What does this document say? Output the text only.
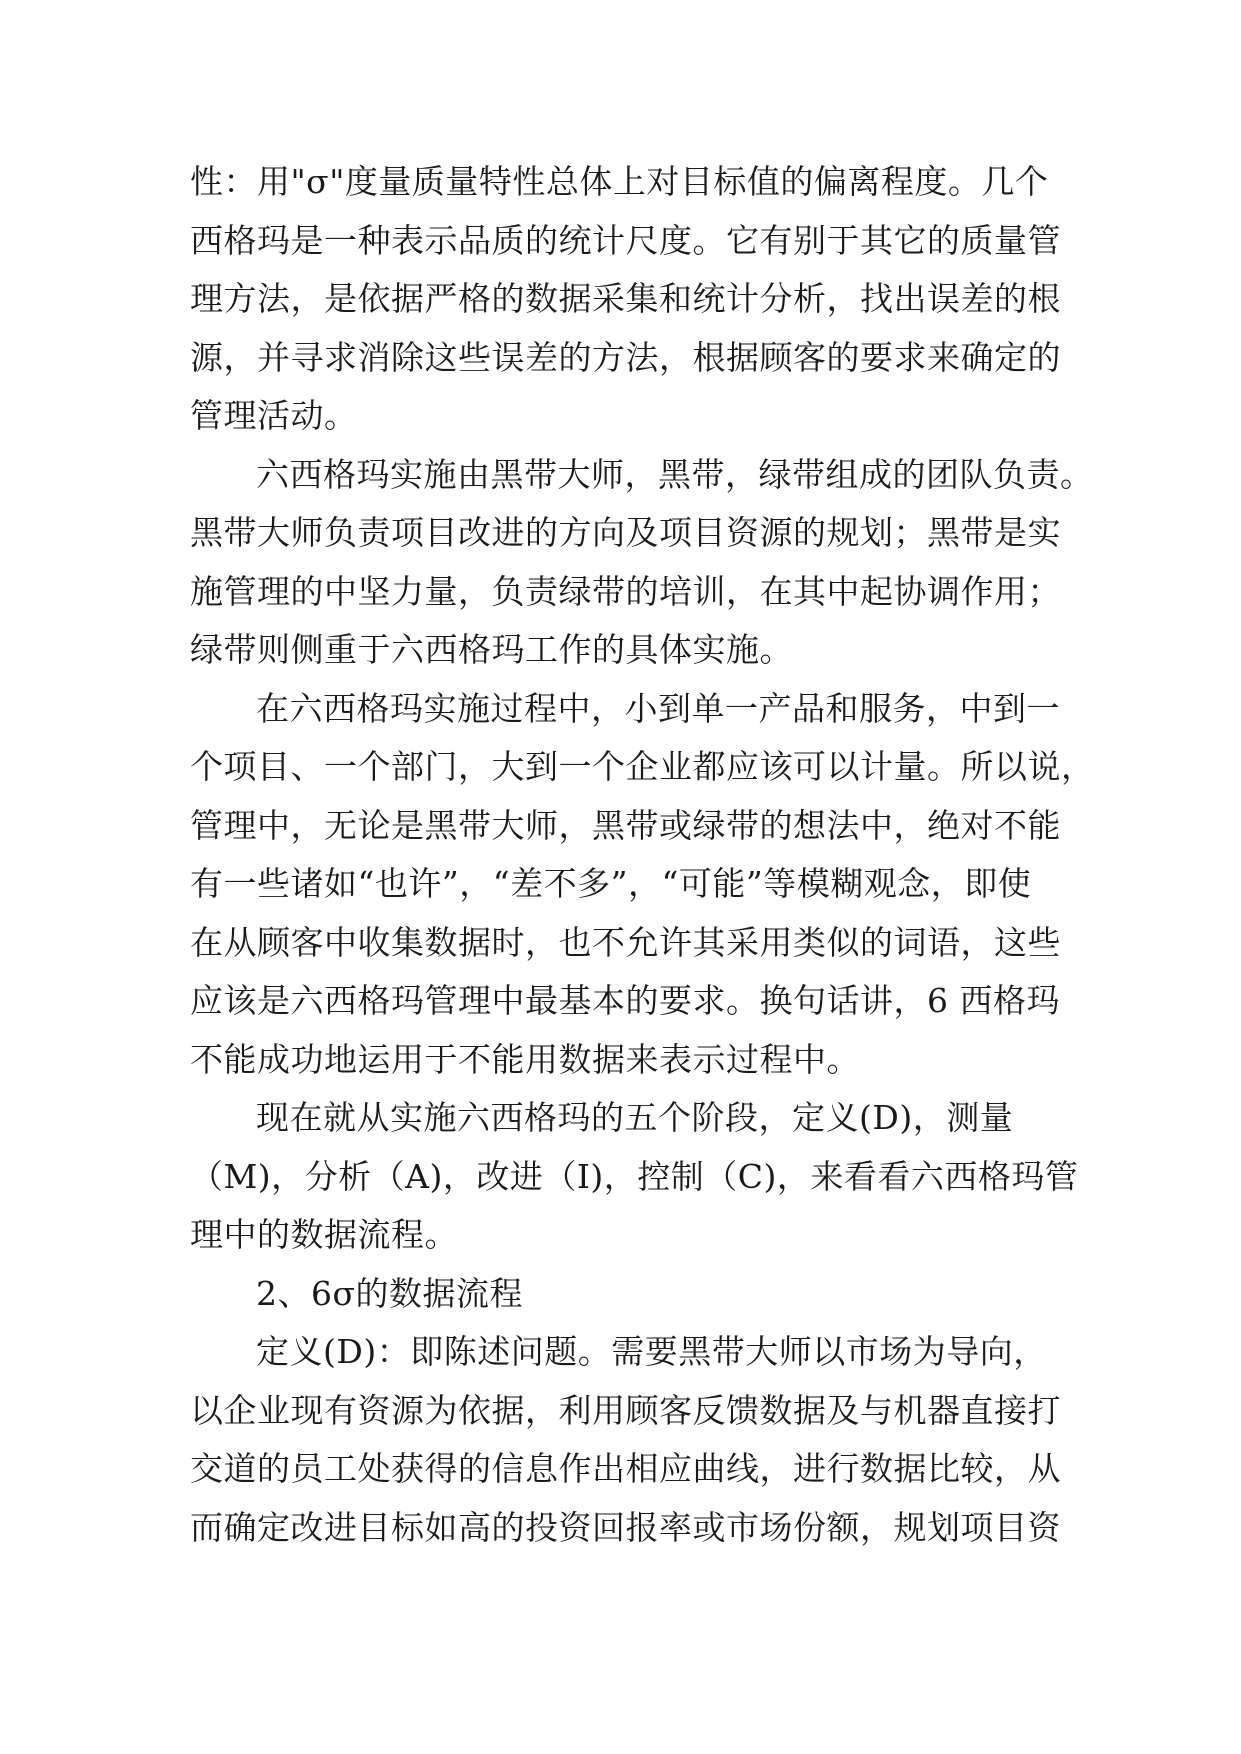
性：用"σ"度量质量特性总体上对目标值的偏离程度。几个
西格玛是一种表示品质的统计尺度。它有别于其它的质量管
理方法，是依据严格的数据采集和统计分析，找出误差的根
源，并寻求消除这些误差的方法，根据顾客的要求来确定的
管理活动。

六西格玛实施由黑带大师，黑带，绿带组成的团队负责。
黑带大师负责项目改进的方向及项目资源的规划；黑带是实
施管理的中坚力量，负责绿带的培训，在其中起协调作用；
绿带则侧重于六西格玛工作的具体实施。

在六西格玛实施过程中，小到单一产品和服务，中到一
个项目、一个部门，大到一个企业都应该可以计量。所以说，
管理中，无论是黑带大师，黑带或绿带的想法中，绝对不能
有一些诸如“也许”，“差不多”，“可能”等模糊观念，即使
在从顾客中收集数据时，也不允许其采用类似的词语，这些
应该是六西格玛管理中最基本的要求。换句话讲，6 西格玛
不能成功地运用于不能用数据来表示过程中。

现在就从实施六西格玛的五个阶段，定义(D)，测量
（M)，分析（A)，改进（I)，控制（C)，来看看六西格玛管
理中的数据流程。

2、6σ的数据流程

定义(D)：即陈述问题。需要黑带大师以市场为导向，
以企业现有资源为依据，利用顾客反馈数据及与机器直接打
交道的员工处获得的信息作出相应曲线，进行数据比较，从
而确定改进目标如高的投资回报率或市场份额，规划项目资
